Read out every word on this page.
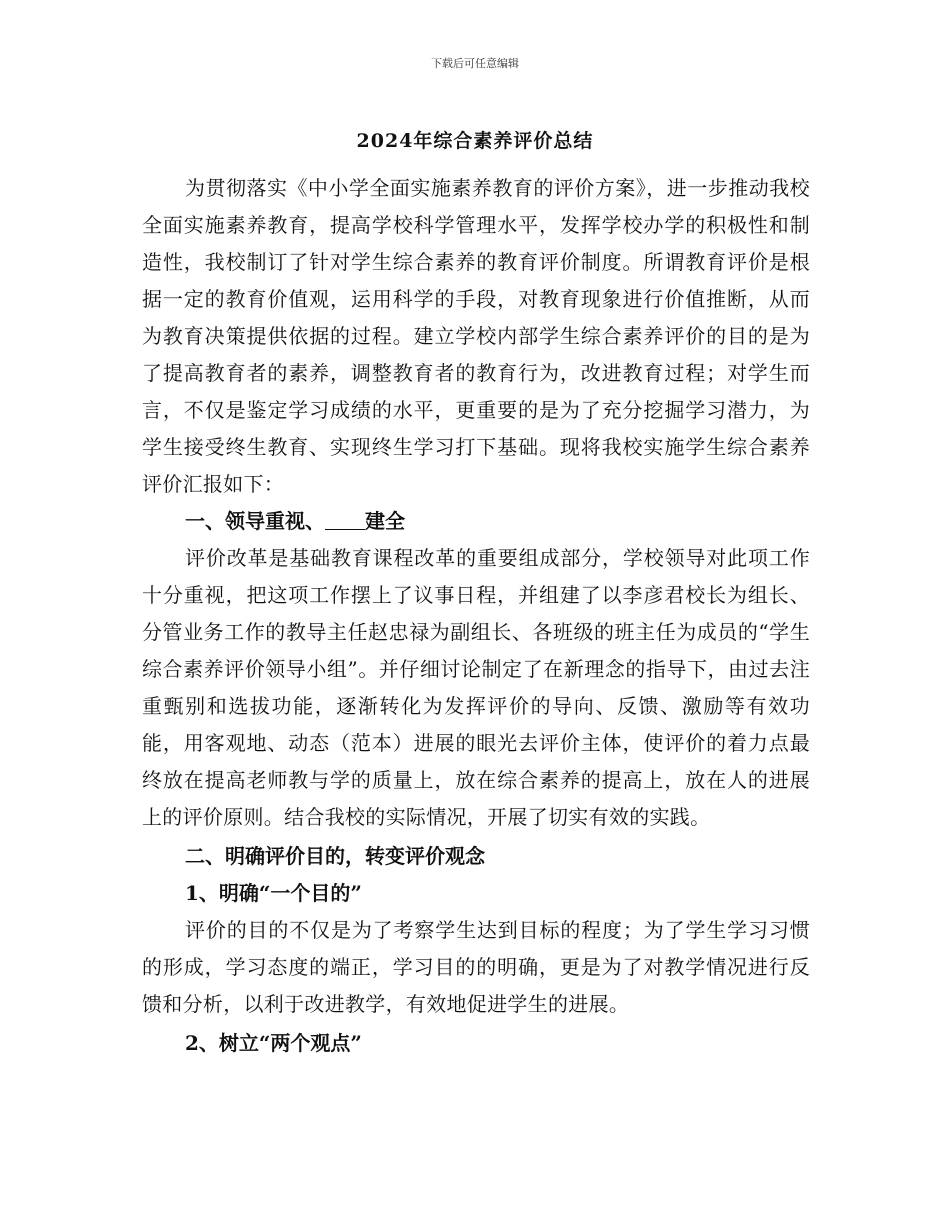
下载后可任意编辑
2024年综合素养评价总结

为贯彻落实《中小学全面实施素养教育的评价方案》，进一步推动我校全面实施素养教育，提高学校科学管理水平，发挥学校办学的积极性和制造性，我校制订了针对学生综合素养的教育评价制度。所谓教育评价是根据一定的教育价值观，运用科学的手段，对教育现象进行价值推断，从而为教育决策提供依据的过程。建立学校内部学生综合素养评价的目的是为了提高教育者的素养，调整教育者的教育行为，改进教育过程；对学生而言，不仅是鉴定学习成绩的水平，更重要的是为了充分挖掘学习潜力，为学生接受终生教育、实现终生学习打下基础。现将我校实施学生综合素养评价汇报如下：

一、领导重视、 建全

评价改革是基础教育课程改革的重要组成部分，学校领导对此项工作十分重视，把这项工作摆上了议事日程，并组建了以李彦君校长为组长、分管业务工作的教导主任赵忠禄为副组长、各班级的班主任为成员的“学生综合素养评价领导小组”。并仔细讨论制定了在新理念的指导下，由过去注重甄别和选拔功能，逐渐转化为发挥评价的导向、反馈、激励等有效功能，用客观地、动态（范本）进展的眼光去评价主体，使评价的着力点最终放在提高老师教与学的质量上，放在综合素养的提高上，放在人的进展上的评价原则。结合我校的实际情况，开展了切实有效的实践。

二、明确评价目的，转变评价观念

1、明确“一个目的”

评价的目的不仅是为了考察学生达到目标的程度；为了学生学习习惯的形成，学习态度的端正，学习目的的明确，更是为了对教学情况进行反馈和分析，以利于改进教学，有效地促进学生的进展。

2、树立“两个观点”
